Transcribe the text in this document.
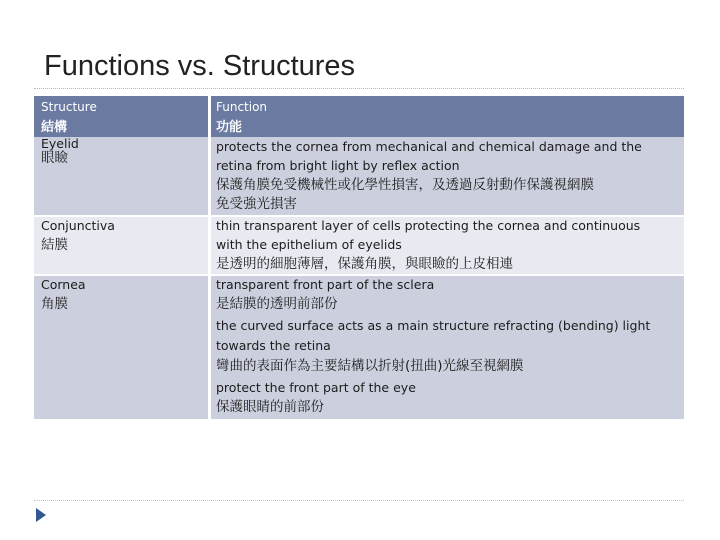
Functions vs. Structures
Structure
結構
Function
功能
Eyelid
眼瞼
protects the cornea from mechanical and chemical damage and the
retina from bright light by reflex action
保護角膜免受機械性或化學性損害，及透過反射動作保護視網膜
免受強光損害
Conjunctiva
結膜
thin transparent layer of cells protecting the cornea and continuous
with the epithelium of eyelids
是透明的細胞薄層，保護角膜，與眼瞼的上皮相連
Cornea
角膜
transparent front part of the sclera
是結膜的透明前部份
the curved surface acts as a main structure refracting (bending) light
towards the retina
彎曲的表面作為主要結構以折射(扭曲)光線至視網膜
protect the front part of the eye
保護眼睛的前部份
